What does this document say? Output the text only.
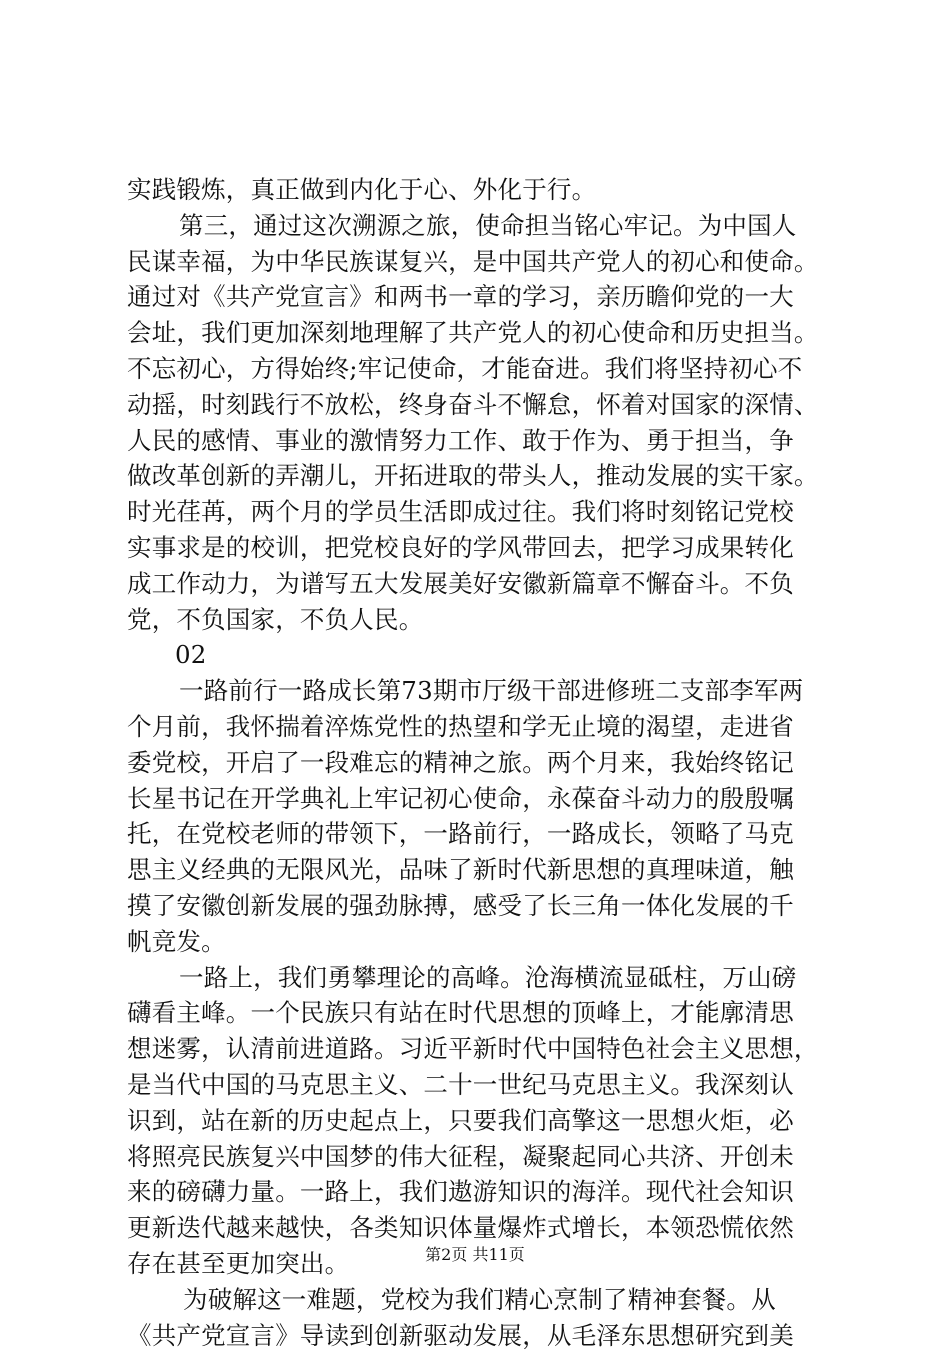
实践锻炼，真正做到内化于心、外化于行。
第三，通过这次溯源之旅，使命担当铭心牢记。为中国人
民谋幸福，为中华民族谋复兴，是中国共产党人的初心和使命。
通过对《共产党宣言》和两书一章的学习，亲历瞻仰党的一大
会址，我们更加深刻地理解了共产党人的初心使命和历史担当。
不忘初心，方得始终;牢记使命，才能奋进。我们将坚持初心不
动摇，时刻践行不放松，终身奋斗不懈怠，怀着对国家的深情、
人民的感情、事业的激情努力工作、敢于作为、勇于担当，争
做改革创新的弄潮儿，开拓进取的带头人，推动发展的实干家。
时光荏苒，两个月的学员生活即成过往。我们将时刻铭记党校
实事求是的校训，把党校良好的学风带回去，把学习成果转化
成工作动力，为谱写五大发展美好安徽新篇章不懈奋斗。不负
党，不负国家，不负人民。
02
一路前行一路成长第73期市厅级干部进修班二支部李军两
个月前，我怀揣着淬炼党性的热望和学无止境的渴望，走进省
委党校，开启了一段难忘的精神之旅。两个月来，我始终铭记
长星书记在开学典礼上牢记初心使命，永葆奋斗动力的殷殷嘱
托，在党校老师的带领下，一路前行，一路成长，领略了马克
思主义经典的无限风光，品味了新时代新思想的真理味道，触
摸了安徽创新发展的强劲脉搏，感受了长三角一体化发展的千
帆竞发。
一路上，我们勇攀理论的高峰。沧海横流显砥柱，万山磅
礴看主峰。一个民族只有站在时代思想的顶峰上，才能廓清思
想迷雾，认清前进道路。习近平新时代中国特色社会主义思想，
是当代中国的马克思主义、二十一世纪马克思主义。我深刻认
识到，站在新的历史起点上，只要我们高擎这一思想火炬，必
将照亮民族复兴中国梦的伟大征程，凝聚起同心共济、开创未
来的磅礴力量。一路上，我们遨游知识的海洋。现代社会知识
更新迭代越来越快，各类知识体量爆炸式增长，本领恐慌依然
存在甚至更加突出。
为破解这一难题，党校为我们精心烹制了精神套餐。从
《共产党宣言》导读到创新驱动发展，从毛泽东思想研究到美
第2页 共11页
